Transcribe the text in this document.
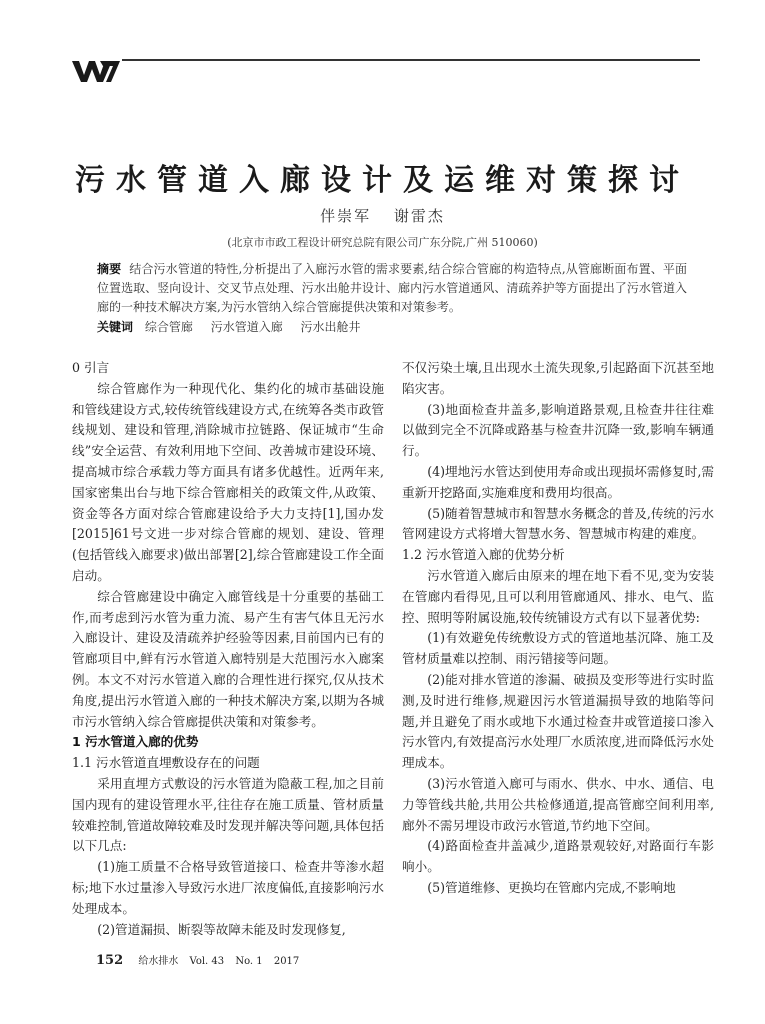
污水管道入廊设计及运维对策探讨
伴崇军 谢雷杰
(北京市市政工程设计研究总院有限公司广东分院,广州 510060)
摘要 结合污水管道的特性,分析提出了入廊污水管的需求要素,结合综合管廊的构造特点,从管廊断面布置、平面位置选取、竖向设计、交叉节点处理、污水出舱井设计、廊内污水管道通风、清疏养护等方面提出了污水管道入廊的一种技术解决方案,为污水管纳入综合管廊提供决策和对策参考。
关键词 综合管廊 污水管道入廊 污水出舱井

0 引言

综合管廊作为一种现代化、集约化的城市基础设施和管线建设方式,较传统管线建设方式,在统筹各类市政管线规划、建设和管理,消除城市拉链路、保证城市“生命线”安全运营、有效利用地下空间、改善城市建设环境、提高城市综合承载力等方面具有诸多优越性。近两年来,国家密集出台与地下综合管廊相关的政策文件,从政策、资金等各方面对综合管廊建设给予大力支持[1],国办发[2015]61号文进一步对综合管廊的规划、建设、管理(包括管线入廊要求)做出部署[2],综合管廊建设工作全面启动。

综合管廊建设中确定入廊管线是十分重要的基础工作,而考虑到污水管为重力流、易产生有害气体且无污水入廊设计、建设及清疏养护经验等因素,目前国内已有的管廊项目中,鲜有污水管道入廊特别是大范围污水入廊案例。本文不对污水管道入廊的合理性进行探究,仅从技术角度,提出污水管道入廊的一种技术解决方案,以期为各城市污水管纳入综合管廊提供决策和对策参考。

1 污水管道入廊的优势

1.1 污水管道直埋敷设存在的问题

采用直埋方式敷设的污水管道为隐蔽工程,加之目前国内现有的建设管理水平,往往存在施工质量、管材质量较难控制,管道故障较难及时发现并解决等问题,具体包括以下几点:

(1)施工质量不合格导致管道接口、检查井等渗水超标;地下水过量渗入导致污水进厂浓度偏低,直接影响污水处理成本。

(2)管道漏损、断裂等故障未能及时发现修复,

不仅污染土壤,且出现水土流失现象,引起路面下沉甚至地陷灾害。

(3)地面检查井盖多,影响道路景观,且检查井往往难以做到完全不沉降或路基与检查井沉降一致,影响车辆通行。

(4)埋地污水管达到使用寿命或出现损坏需修复时,需重新开挖路面,实施难度和费用均很高。

(5)随着智慧城市和智慧水务概念的普及,传统的污水管网建设方式将增大智慧水务、智慧城市构建的难度。

1.2 污水管道入廊的优势分析

污水管道入廊后由原来的埋在地下看不见,变为安装在管廊内看得见,且可以利用管廊通风、排水、电气、监控、照明等附属设施,较传统铺设方式有以下显著优势:

(1)有效避免传统敷设方式的管道地基沉降、施工及管材质量难以控制、雨污错接等问题。

(2)能对排水管道的渗漏、破损及变形等进行实时监测,及时进行维修,规避因污水管道漏损导致的地陷等问题,并且避免了雨水或地下水通过检查井或管道接口渗入污水管内,有效提高污水处理厂水质浓度,进而降低污水处理成本。

(3)污水管道入廊可与雨水、供水、中水、通信、电力等管线共舱,共用公共检修通道,提高管廊空间利用率,廊外不需另埋设市政污水管道,节约地下空间。

(4)路面检查井盖减少,道路景观较好,对路面行车影响小。

(5)管道维修、更换均在管廊内完成,不影响地

152 给水排水 Vol. 43 No. 1 2017
